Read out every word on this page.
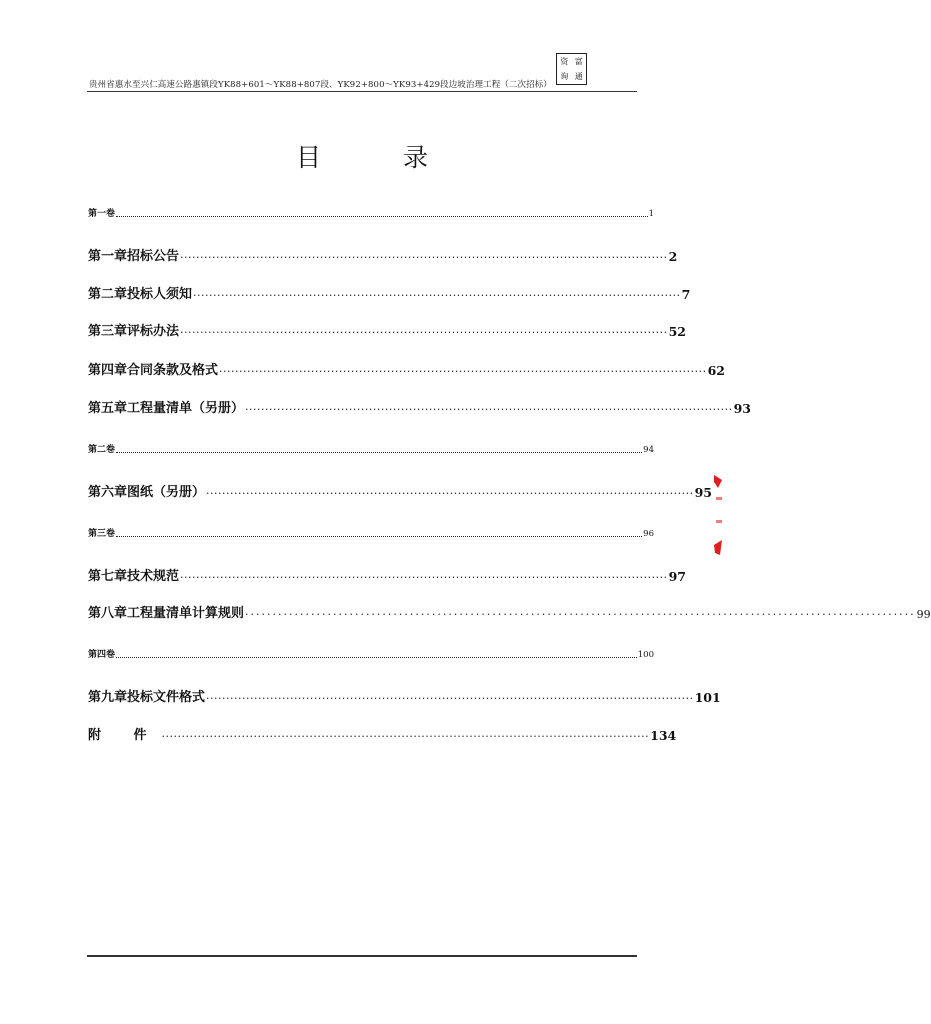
贵州省惠水至兴仁高速公路惠镇段YK88+601～YK88+807段、YK92+800～YK93+429段边坡治理工程（二次招标）
资 富
询 通
目 录
第一卷	1
第一章招标公告 ·························································································································· 2
第二章投标人须知 ·························································································································· 7
第三章评标办法 ·························································································································· 52
第四章合同条款及格式 ·························································································································· 62
第五章工程量清单（另册） ·························································································································· 93
第二卷	94
第六章图纸（另册） ·························································································································· 95
第三卷	96
第七章技术规范 ·························································································································· 97
第八章工程量清单计算规则 ·························································································································· 99
第四卷	100
第九章投标文件格式 ·························································································································· 101
附 件 ·························································································································· 134
